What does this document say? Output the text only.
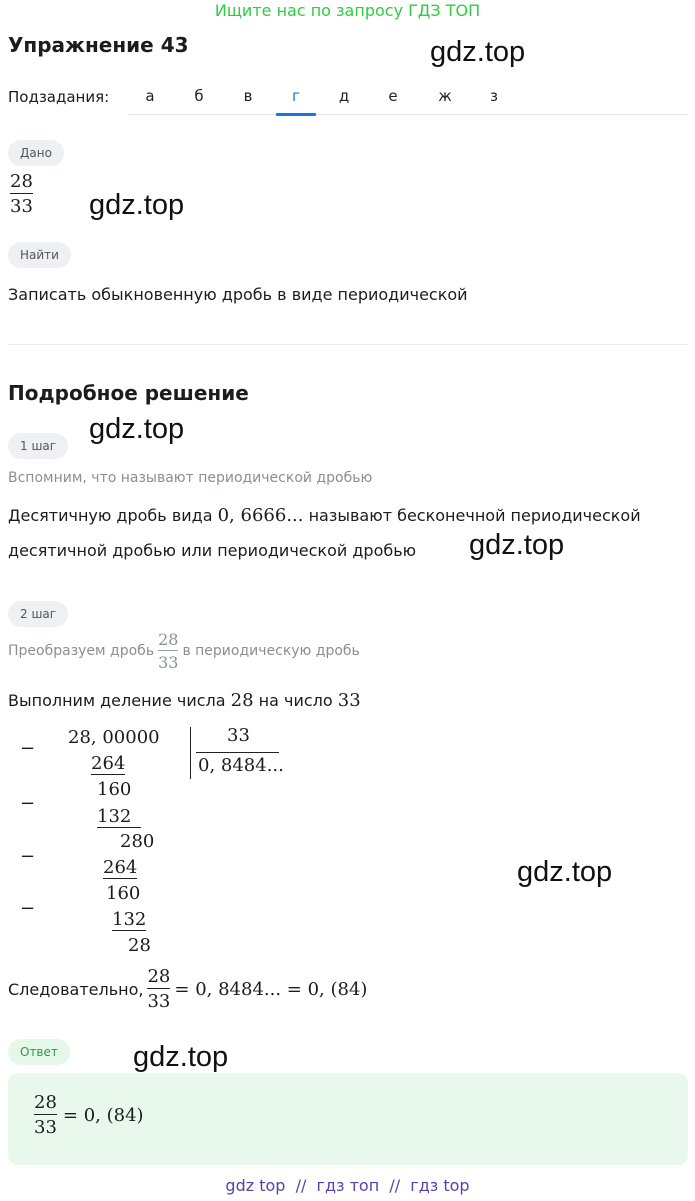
Ищите нас по запросу ГДЗ ТОП
Упражнение 43	gdz.top
Подзадания:	а	б	в	г	д	е	ж	з
Дано
28
33 gdz.top
Найти
Записать обыкновенную дробь в виде периодической
Подробное решение
1 шаг
gdz.top
Вспомним, что называют периодической дробью
Десятичную дробь вида 0, 6666... называют бесконечной периодической
десятичной дробью или периодической дробью gdz.top
2 шаг
Преобразуем дробь $\frac{28}{33}$ в периодическую дробь
Выполним деление числа 28 на число 33
−
−
−
−
28, 00000
264
160
132
280
264
160
132
28
33
0, 8484...
gdz.top
Следовательно, $\frac{28}{33} = 0$, 8484... = 0, (84)
Ответ	gdz.top
$\frac{28}{33} = 0$, (84)
gdz top  //  гдз топ  //  гдз top
